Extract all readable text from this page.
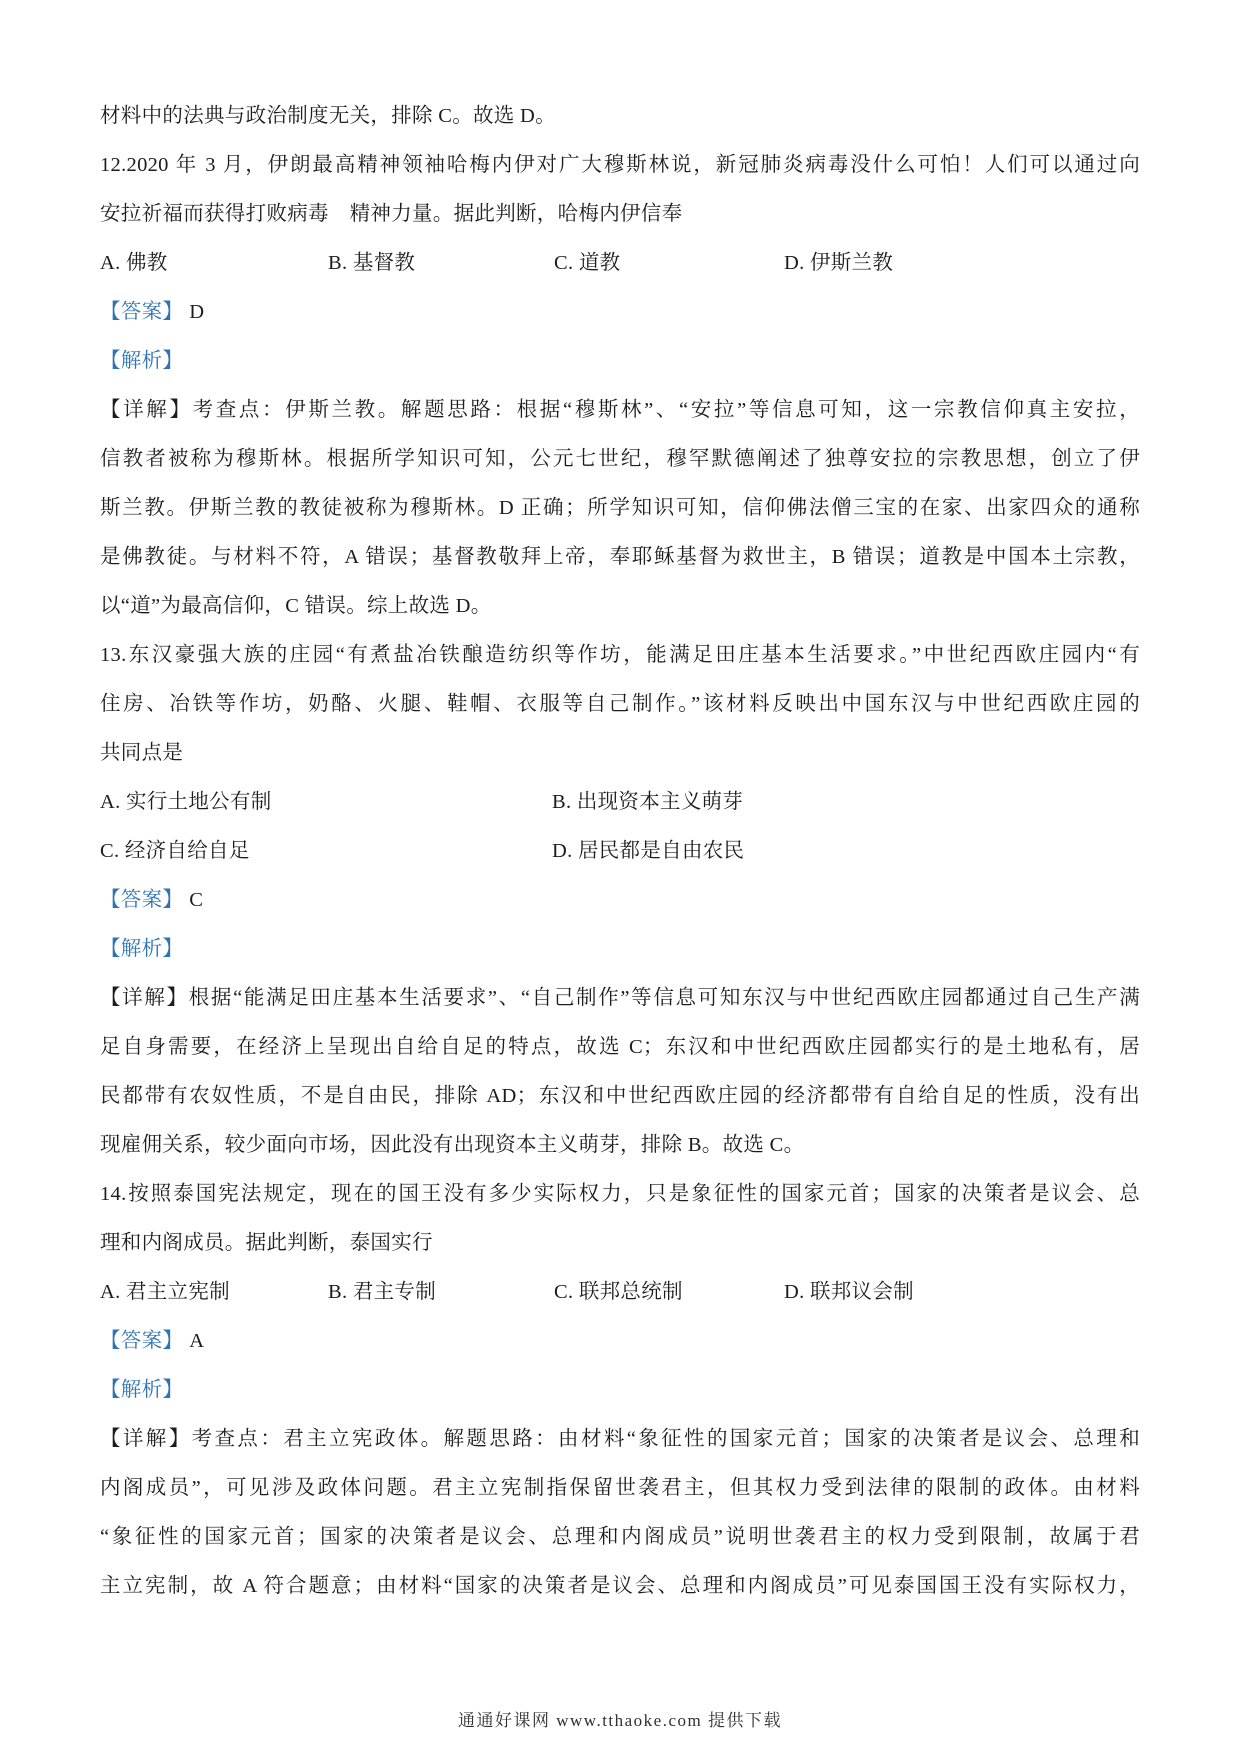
材料中的法典与政治制度无关，排除 C。故选 D。
12.2020 年 3 月，伊朗最高精神领袖哈梅内伊对广大穆斯林说，新冠肺炎病毒没什么可怕！人们可以通过向
安拉祈福而获得打败病毒　精神力量。据此判断，哈梅内伊信奉
A. 佛教	B. 基督教	C. 道教	D. 伊斯兰教
【答案】 D
【解析】
【详解】考查点：伊斯兰教。解题思路：根据“穆斯林”、“安拉”等信息可知，这一宗教信仰真主安拉，
信教者被称为穆斯林。根据所学知识可知，公元七世纪，穆罕默德阐述了独尊安拉的宗教思想，创立了伊
斯兰教。伊斯兰教的教徒被称为穆斯林。D 正确；所学知识可知，信仰佛法僧三宝的在家、出家四众的通称
是佛教徒。与材料不符，A 错误；基督教敬拜上帝，奉耶稣基督为救世主，B 错误；道教是中国本土宗教，
以“道”为最高信仰，C 错误。综上故选 D。
13.东汉豪强大族的庄园“有煮盐冶铁酿造纺织等作坊，能满足田庄基本生活要求。”中世纪西欧庄园内“有
住房、冶铁等作坊，奶酪、火腿、鞋帽、衣服等自己制作。”该材料反映出中国东汉与中世纪西欧庄园的
共同点是
A. 实行土地公有制	B. 出现资本主义萌芽
C. 经济自给自足	D. 居民都是自由农民
【答案】 C
【解析】
【详解】根据“能满足田庄基本生活要求”、“自己制作”等信息可知东汉与中世纪西欧庄园都通过自己生产满
足自身需要，在经济上呈现出自给自足的特点，故选 C；东汉和中世纪西欧庄园都实行的是土地私有，居
民都带有农奴性质，不是自由民，排除 AD；东汉和中世纪西欧庄园的经济都带有自给自足的性质，没有出
现雇佣关系，较少面向市场，因此没有出现资本主义萌芽，排除 B。故选 C。
14.按照泰国宪法规定，现在的国王没有多少实际权力，只是象征性的国家元首；国家的决策者是议会、总
理和内阁成员。据此判断，泰国实行
A. 君主立宪制	B. 君主专制	C. 联邦总统制	D. 联邦议会制
【答案】 A
【解析】
【详解】考查点：君主立宪政体。解题思路：由材料“象征性的国家元首；国家的决策者是议会、总理和
内阁成员”，可见涉及政体问题。君主立宪制指保留世袭君主，但其权力受到法律的限制的政体。由材料
“象征性的国家元首；国家的决策者是议会、总理和内阁成员”说明世袭君主的权力受到限制，故属于君
主立宪制，故 A 符合题意；由材料“国家的决策者是议会、总理和内阁成员”可见泰国国王没有实际权力，
通通好课网 www.tthaoke.com 提供下载
